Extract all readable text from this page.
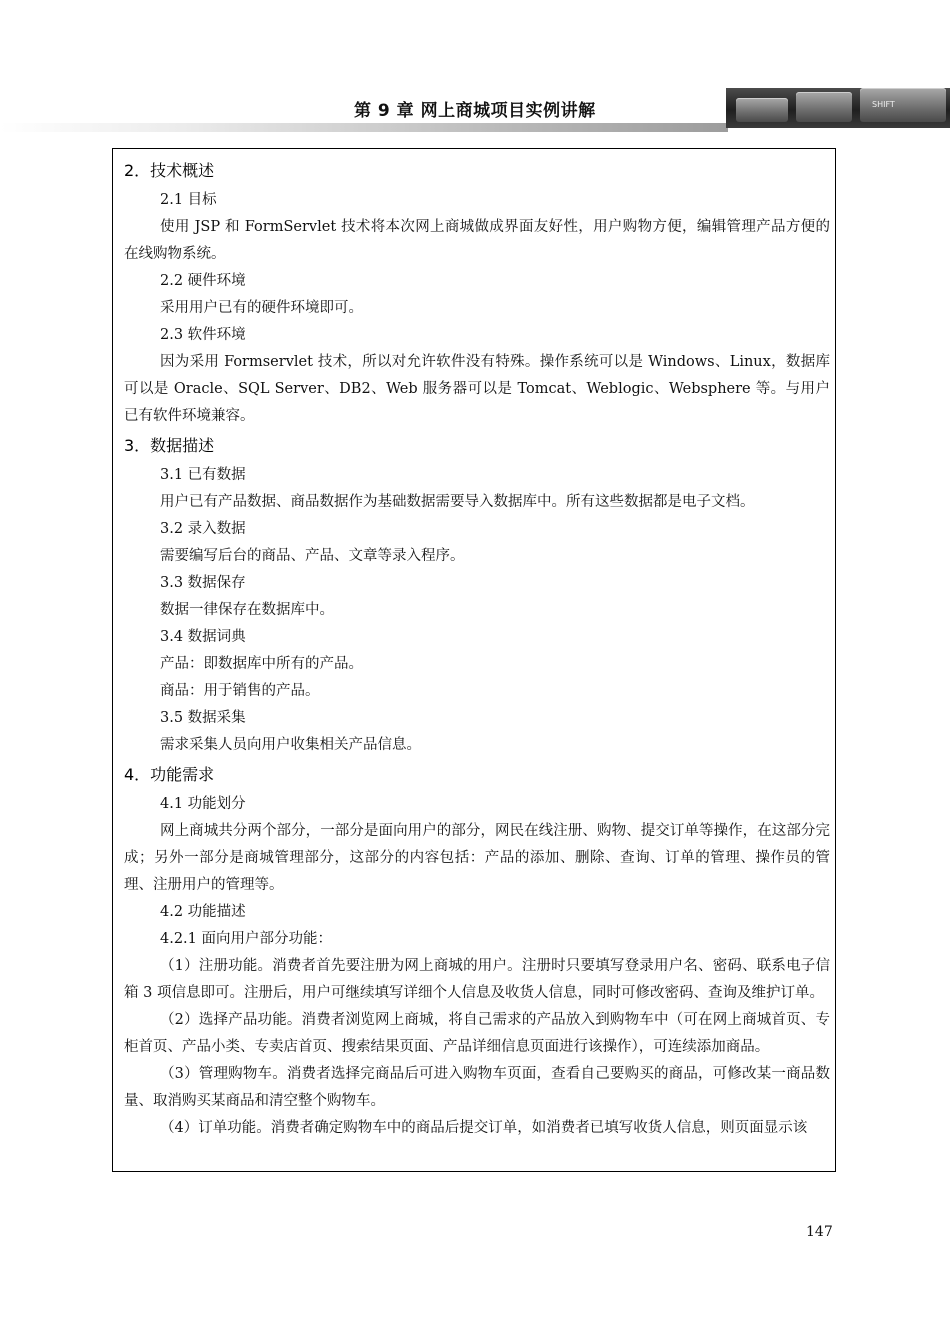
第 9 章 网上商城项目实例讲解	SHIFT
2．技术概述
2.1 目标

使用 JSP 和 FormServlet 技术将本次网上商城做成界面友好性，用户购物方便，编辑管理产品方便的在线购物系统。

2.2 硬件环境

采用用户已有的硬件环境即可。

2.3 软件环境

因为采用 Formservlet 技术，所以对允许软件没有特殊。操作系统可以是 Windows、Linux，数据库可以是 Oracle、SQL Server、DB2、Web 服务器可以是 Tomcat、Weblogic、Websphere 等。与用户已有软件环境兼容。

3．数据描述
3.1 已有数据

用户已有产品数据、商品数据作为基础数据需要导入数据库中。所有这些数据都是电子文档。

3.2 录入数据

需要编写后台的商品、产品、文章等录入程序。

3.3 数据保存

数据一律保存在数据库中。

3.4 数据词典

产品：即数据库中所有的产品。

商品：用于销售的产品。

3.5 数据采集

需求采集人员向用户收集相关产品信息。

4．功能需求
4.1 功能划分

网上商城共分两个部分，一部分是面向用户的部分，网民在线注册、购物、提交订单等操作，在这部分完成；另外一部分是商城管理部分，这部分的内容包括：产品的添加、删除、查询、订单的管理、操作员的管理、注册用户的管理等。

4.2 功能描述
4.2.1 面向用户部分功能：

（1）注册功能。消费者首先要注册为网上商城的用户。注册时只要填写登录用户名、密码、联系电子信箱 3 项信息即可。注册后，用户可继续填写详细个人信息及收货人信息，同时可修改密码、查询及维护订单。

（2）选择产品功能。消费者浏览网上商城，将自己需求的产品放入到购物车中（可在网上商城首页、专柜首页、产品小类、专卖店首页、搜索结果页面、产品详细信息页面进行该操作），可连续添加商品。

（3）管理购物车。消费者选择完商品后可进入购物车页面，查看自己要购买的商品，可修改某一商品数量、取消购买某商品和清空整个购物车。

（4）订单功能。消费者确定购物车中的商品后提交订单，如消费者已填写收货人信息，则页面显示该

147
